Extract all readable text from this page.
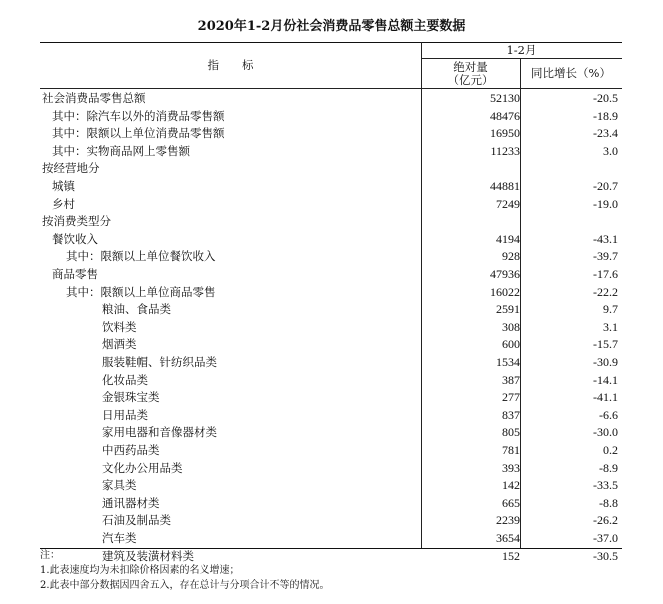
2020年1-2月份社会消费品零售总额主要数据
指　　标
1-2月
绝对量
（亿元）	同比增长（%）
社会消费品零售总额	52130	-20.5
其中：除汽车以外的消费品零售额	48476	-18.9
其中：限额以上单位消费品零售额	16950	-23.4
其中：实物商品网上零售额	11233	3.0
按经营地分
城镇	44881	-20.7
乡村	7249	-19.0
按消费类型分
餐饮收入	4194	-43.1
其中：限额以上单位餐饮收入	928	-39.7
商品零售	47936	-17.6
其中：限额以上单位商品零售	16022	-22.2
粮油、食品类	2591	9.7
饮料类	308	3.1
烟酒类	600	-15.7
服装鞋帽、针纺织品类	1534	-30.9
化妆品类	387	-14.1
金银珠宝类	277	-41.1
日用品类	837	-6.6
家用电器和音像器材类	805	-30.0
中西药品类	781	0.2
文化办公用品类	393	-8.9
家具类	142	-33.5
通讯器材类	665	-8.8
石油及制品类	2239	-26.2
汽车类	3654	-37.0
建筑及装潢材料类	152	-30.5
注：
1.此表速度均为未扣除价格因素的名义增速；
2.此表中部分数据因四舍五入，存在总计与分项合计不等的情况。
